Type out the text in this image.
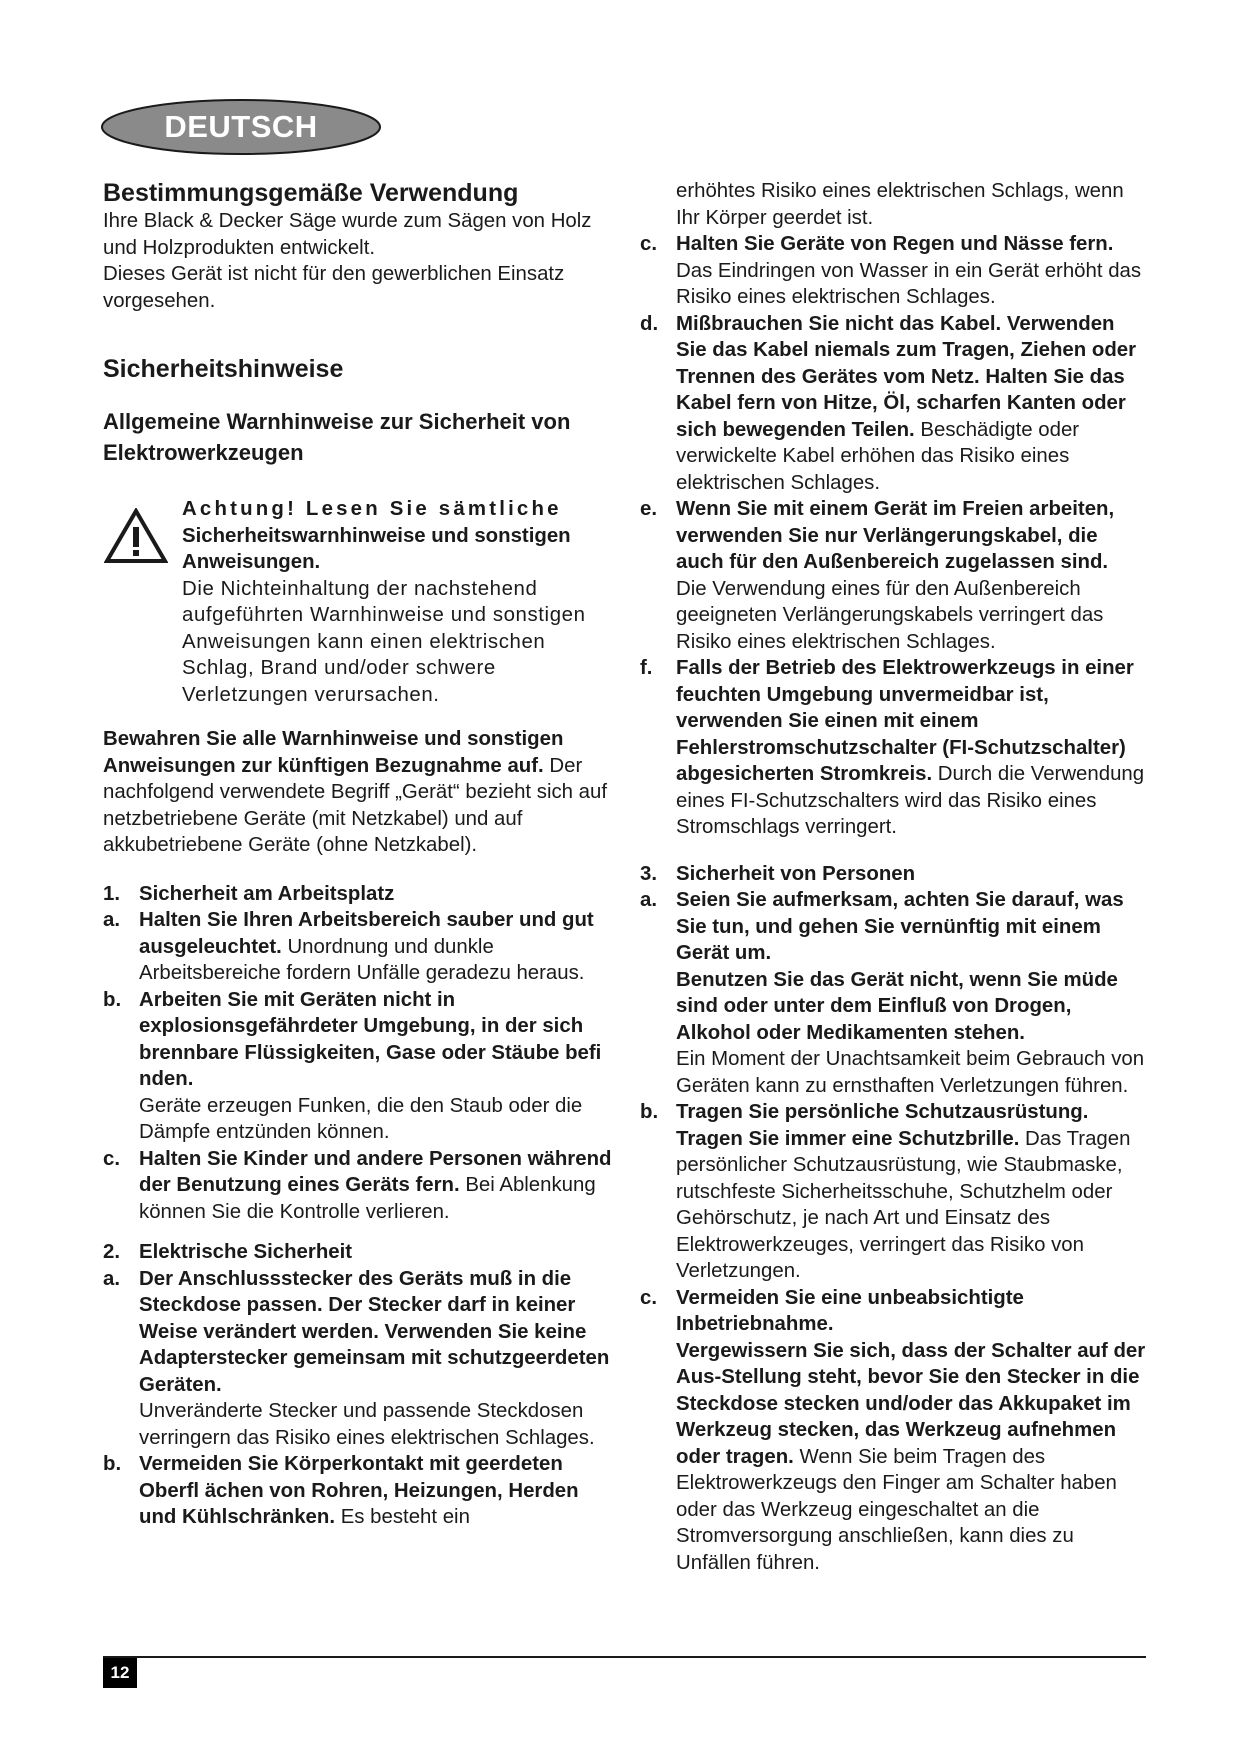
DEUTSCH
Bestimmungsgemäße Verwendung

Ihre Black & Decker Säge wurde zum Sägen von Holz und Holzprodukten entwickelt.

Dieses Gerät ist nicht für den gewerblichen Einsatz vorgesehen.

Sicherheitshinweise
Allgemeine Warnhinweise zur Sicherheit von Elektrowerkzeugen

Achtung! Lesen Sie sämtliche

Sicherheitswarnhinweise und sonstigen Anweisungen.

Die Nichteinhaltung der nachstehend aufgeführten Warnhinweise und sonstigen Anweisungen kann einen elektrischen Schlag, Brand und/oder schwere Verletzungen verursachen.

Bewahren Sie alle Warnhinweise und sonstigen Anweisungen zur künftigen Bezugnahme auf. Der nachfolgend verwendete Begriff „Gerät“ bezieht sich auf netzbetriebene Geräte (mit Netzkabel) und auf akkubetriebene Geräte (ohne Netzkabel).

1. Sicherheit am Arbeitsplatz
a. Halten Sie Ihren Arbeitsbereich sauber und gut ausgeleuchtet. Unordnung und dunkle Arbeitsbereiche fordern Unfälle geradezu heraus.
b. Arbeiten Sie mit Geräten nicht in explosionsgefährdeter Umgebung, in der sich brennbare Flüssigkeiten, Gase oder Stäube befi nden.
Geräte erzeugen Funken, die den Staub oder die Dämpfe entzünden können.
c. Halten Sie Kinder und andere Personen während der Benutzung eines Geräts fern. Bei Ablenkung können Sie die Kontrolle verlieren.
2. Elektrische Sicherheit
a. Der Anschlussstecker des Geräts muß in die Steckdose passen. Der Stecker darf in keiner Weise verändert werden. Verwenden Sie keine Adapterstecker gemeinsam mit schutzgeerdeten Geräten.
Unveränderte Stecker und passende Steckdosen verringern das Risiko eines elektrischen Schlages.
b. Vermeiden Sie Körperkontakt mit geerdeten Oberfl ächen von Rohren, Heizungen, Herden und Kühlschränken. Es besteht ein
erhöhtes Risiko eines elektrischen Schlags, wenn Ihr Körper geerdet ist.
c. Halten Sie Geräte von Regen und Nässe fern.
Das Eindringen von Wasser in ein Gerät erhöht das Risiko eines elektrischen Schlages.
d. Mißbrauchen Sie nicht das Kabel. Verwenden Sie das Kabel niemals zum Tragen, Ziehen oder Trennen des Gerätes vom Netz. Halten Sie das Kabel fern von Hitze, Öl, scharfen Kanten oder sich bewegenden Teilen. Beschädigte oder verwickelte Kabel erhöhen das Risiko eines elektrischen Schlages.
e. Wenn Sie mit einem Gerät im Freien arbeiten, verwenden Sie nur Verlängerungskabel, die auch für den Außenbereich zugelassen sind.
Die Verwendung eines für den Außenbereich geeigneten Verlängerungskabels verringert das Risiko eines elektrischen Schlages.
f.	Falls der Betrieb des Elektrowerkzeugs in einer feuchten Umgebung unvermeidbar ist, verwenden Sie einen mit einem Fehlerstromschutzschalter (FI-Schutzschalter) abgesicherten Stromkreis. Durch die Verwendung eines FI-Schutzschalters wird das Risiko eines Stromschlags verringert.
3. Sicherheit von Personen
a. Seien Sie aufmerksam, achten Sie darauf, was Sie tun, und gehen Sie vernünftig mit einem Gerät um.
Benutzen Sie das Gerät nicht, wenn Sie müde sind oder unter dem Einfluß von Drogen, Alkohol oder Medikamenten stehen.
Ein Moment der Unachtsamkeit beim Gebrauch von Geräten kann zu ernsthaften Verletzungen führen.
b. Tragen Sie persönliche Schutzausrüstung. Tragen Sie immer eine Schutzbrille. Das Tragen persönlicher Schutzausrüstung, wie Staubmaske, rutschfeste Sicherheitsschuhe, Schutzhelm oder Gehörschutz, je nach Art und Einsatz des Elektrowerkzeuges, verringert das Risiko von Verletzungen.
c. Vermeiden Sie eine unbeabsichtigte Inbetriebnahme.
Vergewissern Sie sich, dass der Schalter auf der Aus-Stellung steht, bevor Sie den Stecker in die Steckdose stecken und/oder das Akkupaket im Werkzeug stecken, das Werkzeug aufnehmen oder tragen. Wenn Sie beim Tragen des Elektrowerkzeugs den Finger am Schalter haben oder das Werkzeug eingeschaltet an die Stromversorgung anschließen, kann dies zu Unfällen führen.
12
